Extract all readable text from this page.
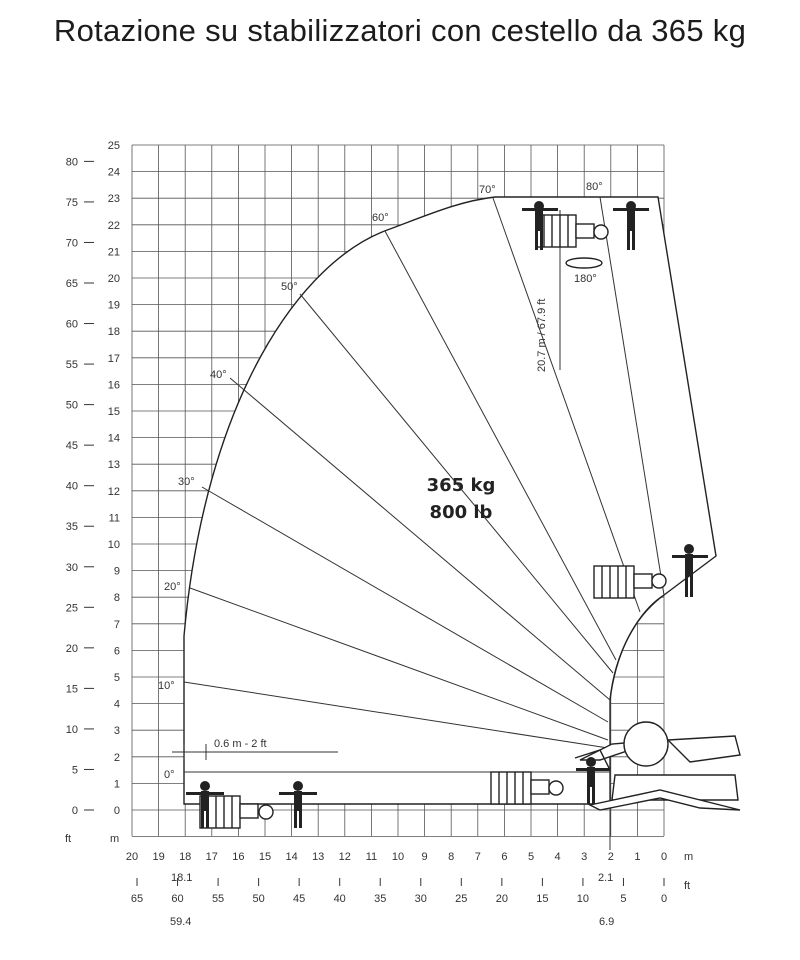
Rotazione su stabilizzatori con cestello da 365 kg
0
1
2
3
4
5
6
7
8
9
10
11
12
13
14
15
16
17
18
19
20
21
22
23
24
25
0
5
10
15
20
25
30
35
40
45
50
55
60
65
70
75
80
20 19 18 17 16 15 14 13 12 11 10 9 8 7 6 5 4 3 2 1 0
65	60	55	50	45	40	35	30	25	20	15	10	5	0
0°
10°
20°
30°
40°
50°
60°
70°	80°
180°
365 kg
800 lb
20.7 m / 67.9 ft
0.6 m - 2 ft
ft	m
m
ft
18.1
59.4
2.1
6.9
